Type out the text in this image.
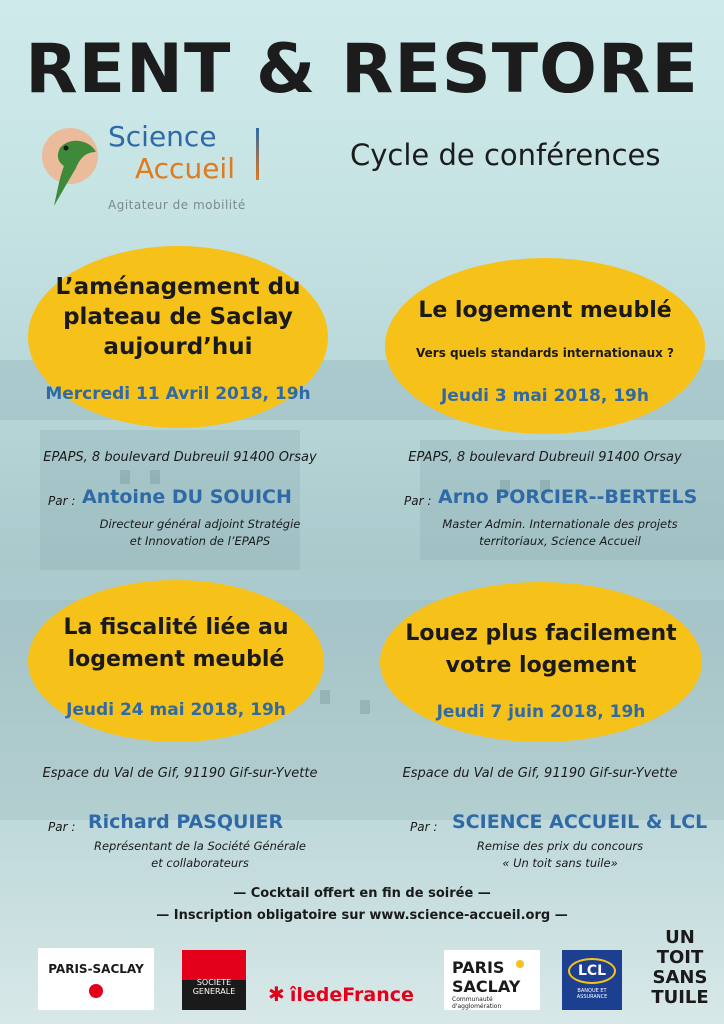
RENT & RESTORE
Science
Accueil
Agitateur de mobilité
Cycle de conférences
L’aménagement du
plateau de Saclay
aujourd’hui
Mercredi 11 Avril 2018, 19h
EPAPS, 8 boulevard Dubreuil 91400 Orsay
Par : Antoine DU SOUICH
Directeur général adjoint Stratégie
et Innovation de l’EPAPS
Le logement meublé
Vers quels standards internationaux ?
Jeudi 3 mai 2018, 19h
EPAPS, 8 boulevard Dubreuil 91400 Orsay
Par : Arno PORCIER--BERTELS
Master Admin. Internationale des projets
territoriaux, Science Accueil
La fiscalité liée au
logement meublé
Jeudi 24 mai 2018, 19h
Espace du Val de Gif, 91190 Gif-sur-Yvette
Par : Richard PASQUIER
Représentant de la Société Générale
et collaborateurs
Louez plus facilement
votre logement
Jeudi 7 juin 2018, 19h
Espace du Val de Gif, 91190 Gif-sur-Yvette
Par : SCIENCE ACCUEIL & LCL
Remise des prix du concours
« Un toit sans tuile»
— Cocktail offert en fin de soirée —
— Inscription obligatoire sur www.science-accueil.org —
PARIS-SACLAY
SOCIETE
GENERALE	✱ îledeFrance
PARIS
SACLAY
Communauté d'agglomération
LCL
BANQUE ET ASSURANCE
UN
TOIT
SANS
TUILE
